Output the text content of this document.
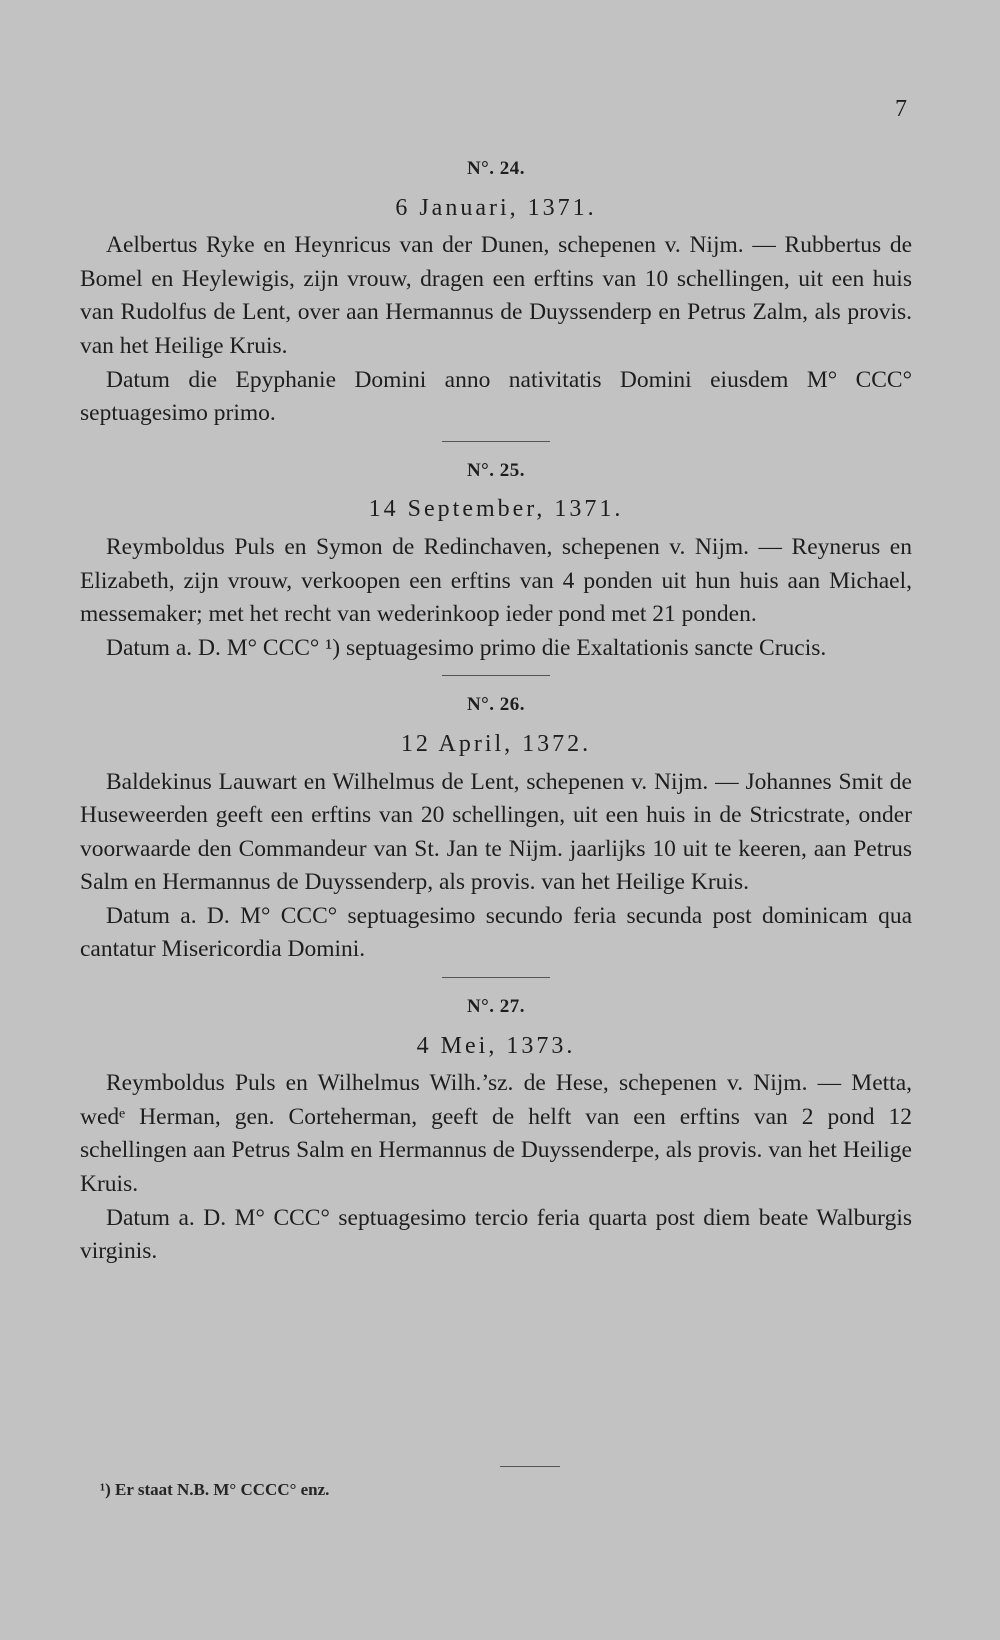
7
N°. 24.
6 Januari, 1371.

Aelbertus Ryke en Heynricus van der Dunen, schepenen v. Nijm. — Rubbertus de Bomel en Heylewigis, zijn vrouw, dragen een erftins van 10 schellingen, uit een huis van Rudolfus de Lent, over aan Hermannus de Duyssenderp en Petrus Zalm, als provis. van het Heilige Kruis.

Datum die Epyphanie Domini anno nativitatis Domini eiusdem M° CCC° septuagesimo primo.

N°. 25.
14 September, 1371.

Reymboldus Puls en Symon de Redinchaven, schepenen v. Nijm. — Reynerus en Elizabeth, zijn vrouw, verkoopen een erftins van 4 ponden uit hun huis aan Michael, messemaker; met het recht van wederinkoop ieder pond met 21 ponden.

Datum a. D. M° CCC° ¹) septuagesimo primo die Exaltationis sancte Crucis.

N°. 26.
12 April, 1372.

Baldekinus Lauwart en Wilhelmus de Lent, schepenen v. Nijm. — Johannes Smit de Huseweerden geeft een erftins van 20 schellingen, uit een huis in de Stricstrate, onder voorwaarde den Commandeur van St. Jan te Nijm. jaarlijks 10 uit te keeren, aan Petrus Salm en Hermannus de Duyssenderp, als provis. van het Heilige Kruis.

Datum a. D. M° CCC° septuagesimo secundo feria secunda post dominicam qua cantatur Misericordia Domini.

N°. 27.
4 Mei, 1373.

Reymboldus Puls en Wilhelmus Wilh.’sz. de Hese, schepenen v. Nijm. — Metta, wedᵉ Herman, gen. Corteherman, geeft de helft van een erftins van 2 pond 12 schellingen aan Petrus Salm en Hermannus de Duyssenderpe, als provis. van het Heilige Kruis.

Datum a. D. M° CCC° septuagesimo tercio feria quarta post diem beate Walburgis virginis.

¹) Er staat N.B. M° CCCC° enz.
